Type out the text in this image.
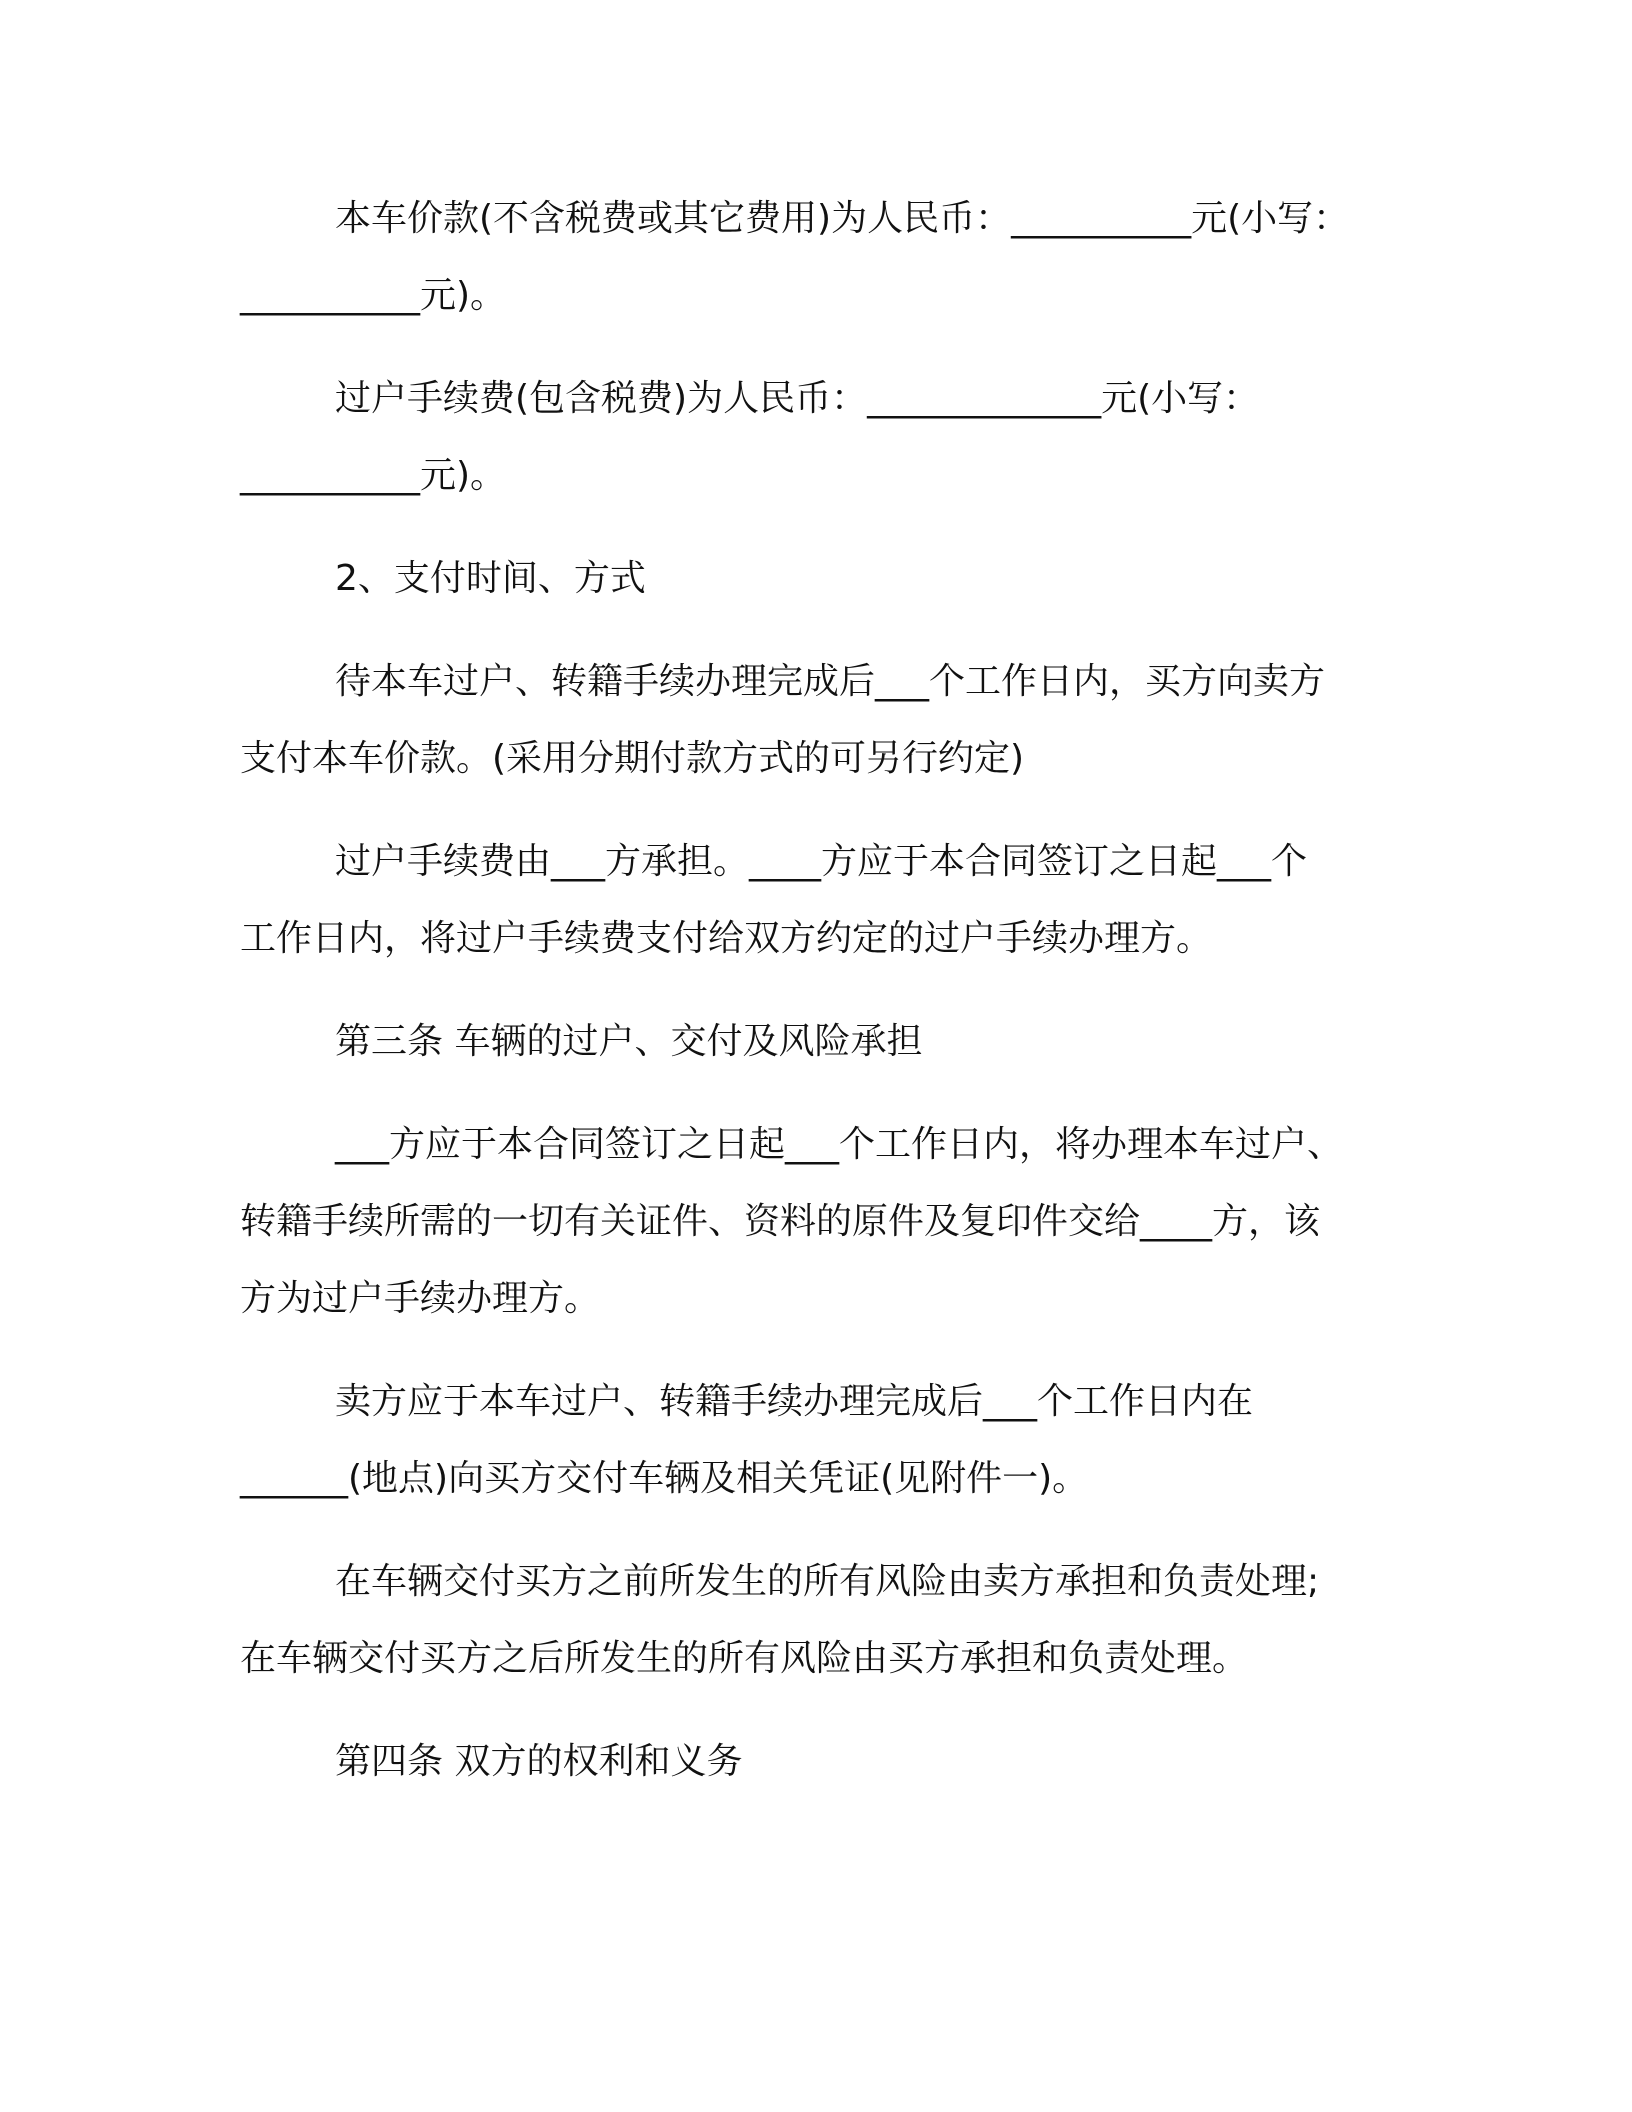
本车价款(不含税费或其它费用)为人民币：__________元(小写：
__________元)。
过户手续费(包含税费)为人民币：_____________元(小写：
__________元)。
2、支付时间、方式
待本车过户、转籍手续办理完成后___个工作日内，买方向卖方
支付本车价款。(采用分期付款方式的可另行约定)
过户手续费由___方承担。____方应于本合同签订之日起___个
工作日内，将过户手续费支付给双方约定的过户手续办理方。
第三条 车辆的过户、交付及风险承担
___方应于本合同签订之日起___个工作日内，将办理本车过户、
转籍手续所需的一切有关证件、资料的原件及复印件交给____方，该
方为过户手续办理方。
卖方应于本车过户、转籍手续办理完成后___个工作日内在
______(地点)向买方交付车辆及相关凭证(见附件一)。
在车辆交付买方之前所发生的所有风险由卖方承担和负责处理;
在车辆交付买方之后所发生的所有风险由买方承担和负责处理。
第四条 双方的权利和义务
